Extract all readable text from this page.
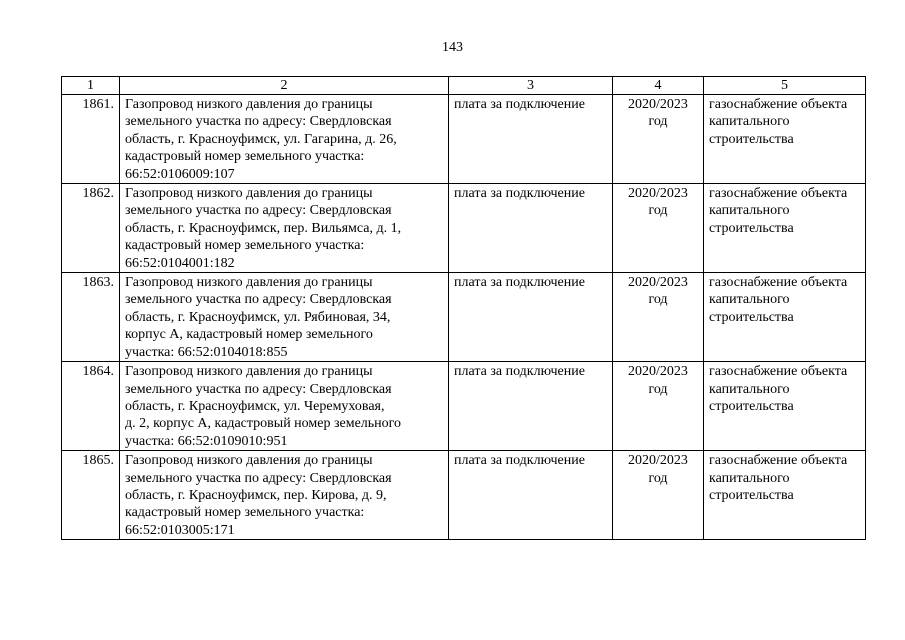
143
1	2	3	4	5
1861.	Газопровод низкого давления до границы
земельного участка по адресу: Свердловская
область, г. Красноуфимск, ул. Гагарина, д. 26,
кадастровый номер земельного участка:
66:52:0106009:107	плата за подключение	2020/2023
год	газоснабжение объекта
капитального
строительства

1862.	Газопровод низкого давления до границы
земельного участка по адресу: Свердловская
область, г. Красноуфимск, пер. Вильямса, д. 1,
кадастровый номер земельного участка:
66:52:0104001:182	плата за подключение	2020/2023
год	газоснабжение объекта
капитального
строительства

1863.	Газопровод низкого давления до границы
земельного участка по адресу: Свердловская
область, г. Красноуфимск, ул. Рябиновая, 34,
корпус А, кадастровый номер земельного
участка: 66:52:0104018:855	плата за подключение	2020/2023
год	газоснабжение объекта
капитального
строительства

1864.	Газопровод низкого давления до границы
земельного участка по адресу: Свердловская
область, г. Красноуфимск, ул. Черемуховая,
д. 2, корпус А, кадастровый номер земельного
участка: 66:52:0109010:951	плата за подключение	2020/2023
год	газоснабжение объекта
капитального
строительства

1865.	Газопровод низкого давления до границы
земельного участка по адресу: Свердловская
область, г. Красноуфимск, пер. Кирова, д. 9,
кадастровый номер земельного участка:
66:52:0103005:171	плата за подключение	2020/2023
год	газоснабжение объекта
капитального
строительства
